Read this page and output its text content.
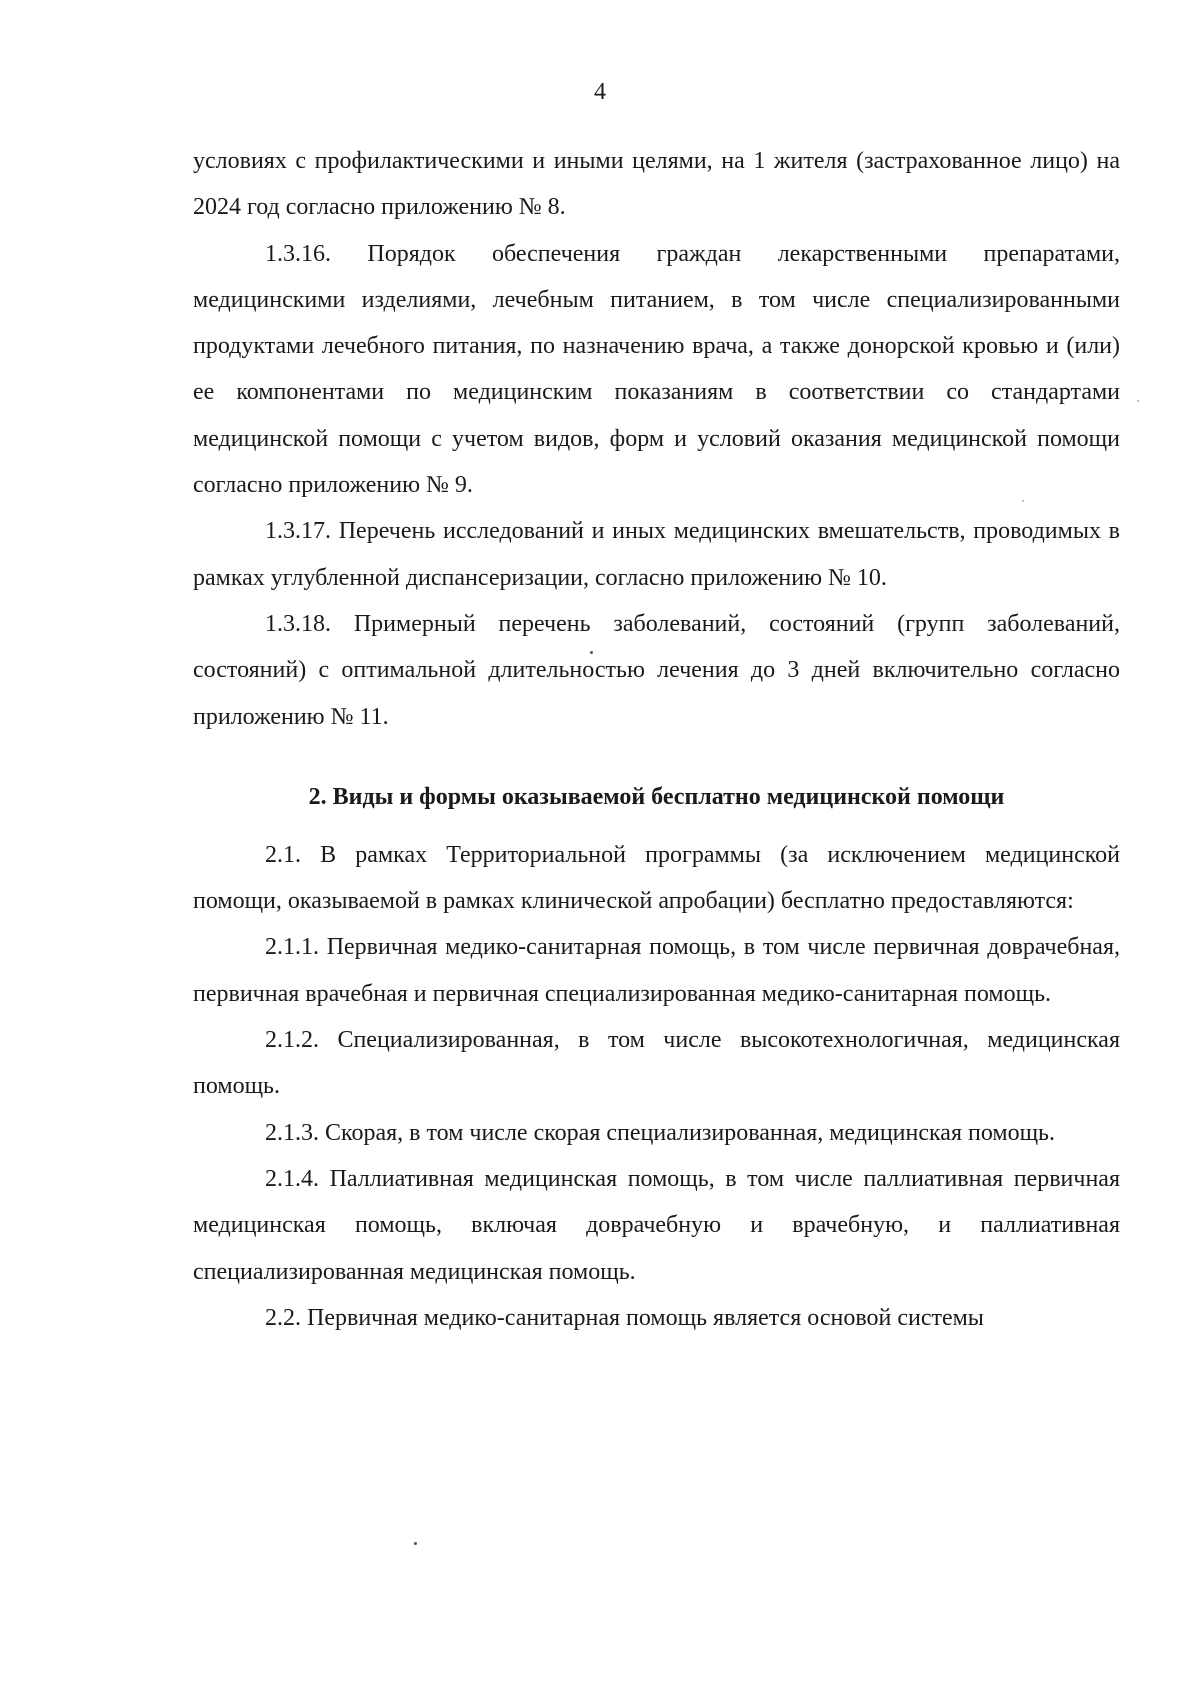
4

условиях с профилактическими и иными целями, на 1 жителя (застрахованное лицо) на 2024 год согласно приложению № 8.

1.3.16. Порядок обеспечения граждан лекарственными препаратами, медицинскими изделиями, лечебным питанием, в том числе специализированными продуктами лечебного питания, по назначению врача, а также донорской кровью и (или) ее компонентами по медицинским показаниям в соответствии со стандартами медицинской помощи с учетом видов, форм и условий оказания медицинской помощи согласно приложению № 9.

1.3.17. Перечень исследований и иных медицинских вмешательств, проводимых в рамках углубленной диспансеризации, согласно приложению № 10.

1.3.18. Примерный перечень заболеваний, состояний (групп заболеваний, состояний) с оптимальной длительностью лечения до 3 дней включительно согласно приложению № 11.

2. Виды и формы оказываемой бесплатно медицинской помощи

2.1. В рамках Территориальной программы (за исключением медицинской помощи, оказываемой в рамках клинической апробации) бесплатно предоставляются:

2.1.1. Первичная медико-санитарная помощь, в том числе первичная доврачебная, первичная врачебная и первичная специализированная медико-санитарная помощь.

2.1.2. Специализированная, в том числе высокотехнологичная, медицинская помощь.

2.1.3. Скорая, в том числе скорая специализированная, медицинская помощь.

2.1.4. Паллиативная медицинская помощь, в том числе паллиативная первичная медицинская помощь, включая доврачебную и врачебную, и паллиативная специализированная медицинская помощь.

2.2. Первичная медико-санитарная помощь является основой системы
